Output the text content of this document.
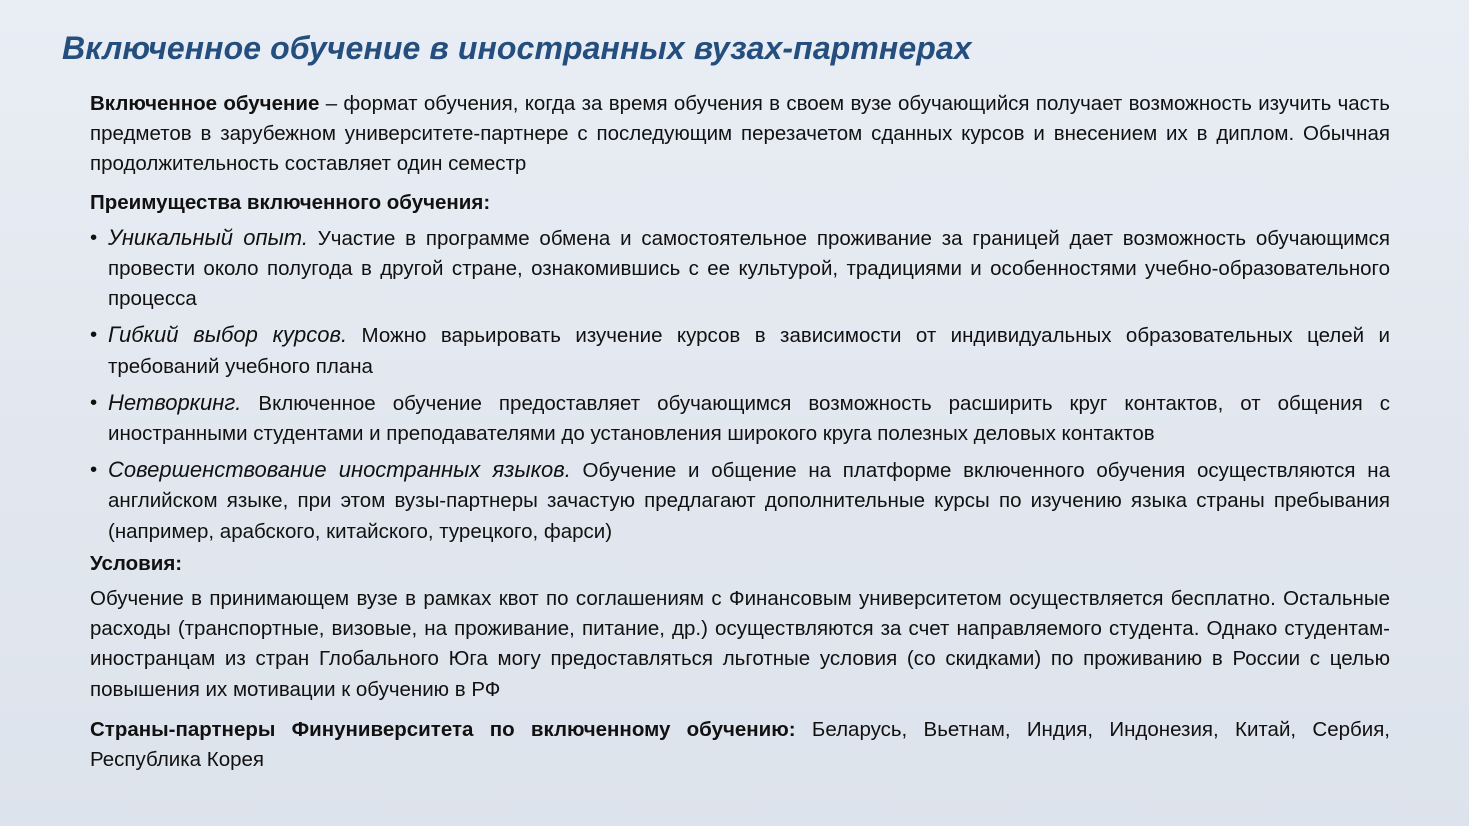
Включенное обучение в иностранных вузах-партнерах

Включенное обучение – формат обучения, когда за время обучения в своем вузе обучающийся получает возможность изучить часть предметов в зарубежном университете-партнере с последующим перезачетом сданных курсов и внесением их в диплом. Обычная продолжительность составляет один семестр

Преимущества включенного обучения:

• Уникальный опыт. Участие в программе обмена и самостоятельное проживание за границей дает возможность обучающимся провести около полугода в другой стране, ознакомившись с ее культурой, традициями и особенностями учебно-образовательного процесса
• Гибкий выбор курсов. Можно варьировать изучение курсов в зависимости от индивидуальных образовательных целей и требований учебного плана
• Нетворкинг. Включенное обучение предоставляет обучающимся возможность расширить круг контактов, от общения с иностранными студентами и преподавателями до установления широкого круга полезных деловых контактов
• Совершенствование иностранных языков. Обучение и общение на платформе включенного обучения осуществляются на английском языке, при этом вузы-партнеры зачастую предлагают дополнительные курсы по изучению языка страны пребывания (например, арабского, китайского, турецкого, фарси)

Условия:

Обучение в принимающем вузе в рамках квот по соглашениям с Финансовым университетом осуществляется бесплатно. Остальные расходы (транспортные, визовые, на проживание, питание, др.) осуществляются за счет направляемого студента. Однако студентам-иностранцам из стран Глобального Юга могу предоставляться льготные условия (со скидками) по проживанию в России с целью повышения их мотивации к обучению в РФ

Страны-партнеры Финуниверситета по включенному обучению: Беларусь, Вьетнам, Индия, Индонезия, Китай, Сербия, Республика Корея
